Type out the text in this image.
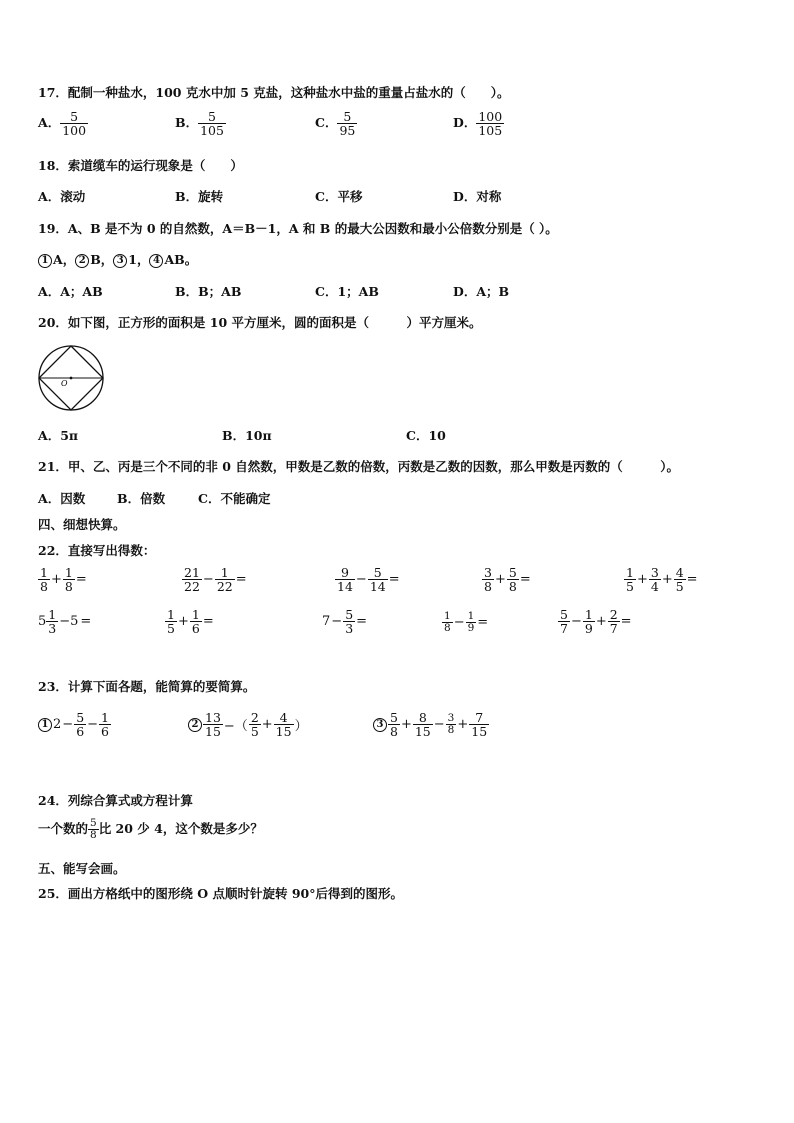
17．配制一种盐水，100 克水中加 5 克盐，这种盐水中盐的重量占盐水的（　　）。
A． $\frac{5}{100}$	B． $\frac{5}{105}$	C． $\frac{5}{95}$	D． $\frac{100}{105}$
18．索道缆车的运行现象是（　　）
A．滚动	B．旋转	C．平移	D．对称
19．A、B 是不为 0 的自然数，A＝B－1，A 和 B 的最大公因数和最小公倍数分别是（ ）。
1 A， 2 B， 3 1， 4 AB。
A．A；AB	B．B；AB	C．1；AB	D．A；B
20．如下图，正方形的面积是 10 平方厘米，圆的面积是（　　　）平方厘米。
O
A．5π	B．10π	C．10
21．甲、乙、丙是三个不同的非 0 自然数，甲数是乙数的倍数，丙数是乙数的因数，那么甲数是丙数的（　　　）。
A．因数	B．倍数	C．不能确定
四、细想快算。
22．直接写出得数：
$\frac{1}{8} + \frac{1}{8}$ =	$\frac{21}{22} - \frac{1}{22}$ =	$\frac{9}{14} - \frac{5}{14}$ =	$\frac{3}{8} + \frac{5}{8}$ =	$\frac{1}{5} + \frac{3}{4} + \frac{4}{5}$ =
$5 \frac{1}{3} -5$ =	$\frac{1}{5} + \frac{1}{6}$ =	$7- \frac{5}{3}$ =	$\frac{1}{8} - \frac{1}{9}$ =	$\frac{5}{7} - \frac{1}{9} + \frac{2}{7}$ =
23．计算下面各题，能简算的要简算。
1 $2- \frac{5}{6} - \frac{1}{6}$	$2 \frac{13}{15}$ −（ $\frac{2}{5} + \frac{4}{15}$ ）	$3 \frac{5}{8} + \frac{8}{15} - \frac{3}{8} + \frac{7}{15}$
24．列综合算式或方程计算
一个数的 $\frac{5}{8}$ 比 20 少 4，这个数是多少？
五、能写会画。
25．画出方格纸中的图形绕 O 点顺时针旋转 90°后得到的图形。
